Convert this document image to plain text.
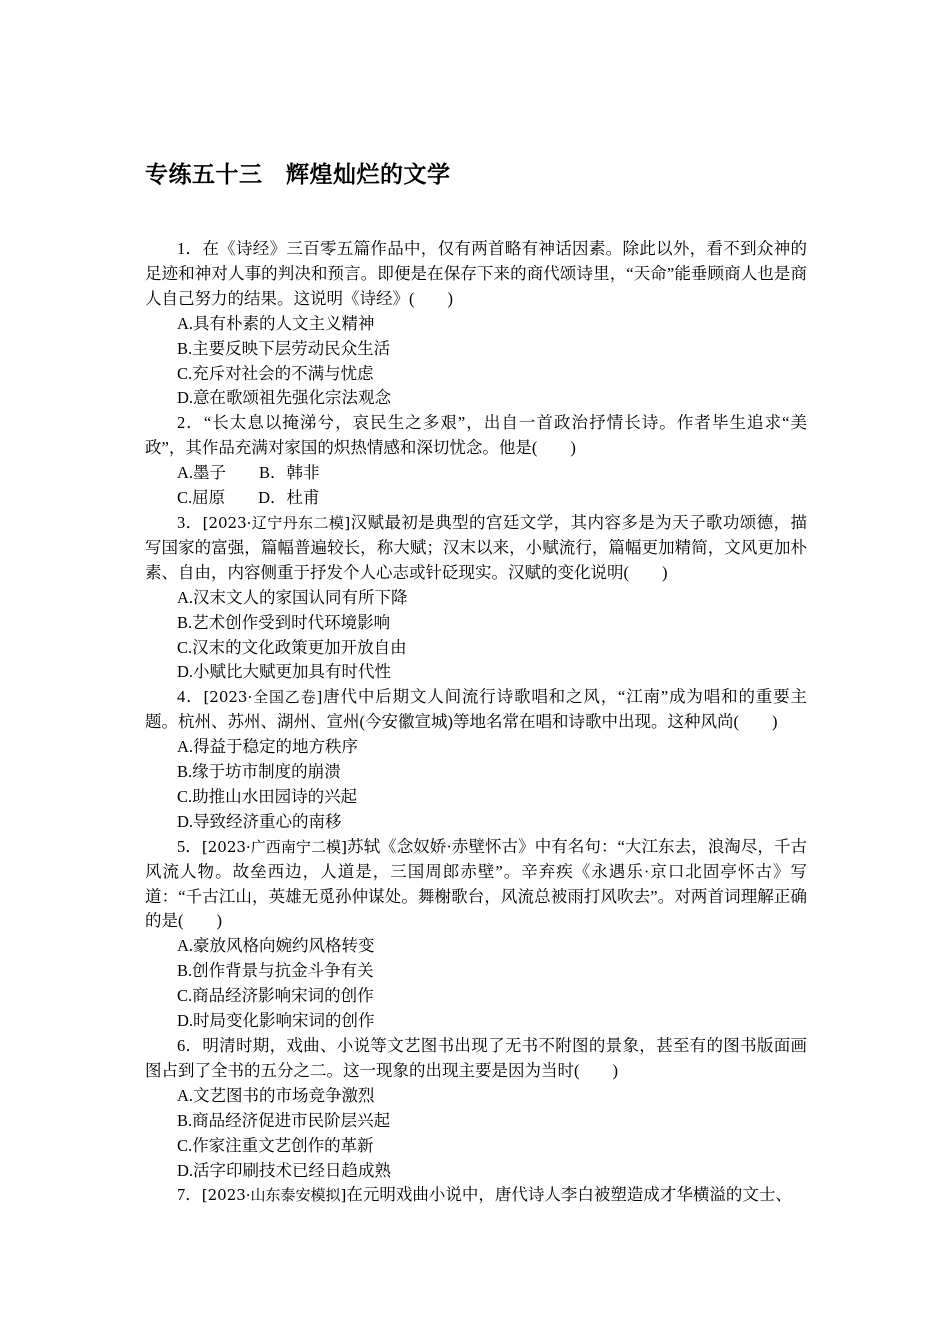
专练五十三　辉煌灿烂的文学

1．在《诗经》三百零五篇作品中，仅有两首略有神话因素。除此以外，看不到众神的足迹和神对人事的判决和预言。即便是在保存下来的商代颂诗里，“天命”能垂顾商人也是商人自己努力的结果。这说明《诗经》(　　)

A.具有朴素的人文主义精神

B.主要反映下层劳动民众生活

C.充斥对社会的不满与忧虑

D.意在歌颂祖先强化宗法观念

2．“长太息以掩涕兮，哀民生之多艰”，出自一首政治抒情长诗。作者毕生追求“美政”，其作品充满对家国的炽热情感和深切忧念。他是(　　)

A.墨子　　B．韩非

C.屈原　　D．杜甫

3．[2023·辽宁丹东二模]汉赋最初是典型的宫廷文学，其内容多是为天子歌功颂德，描写国家的富强，篇幅普遍较长，称大赋；汉末以来，小赋流行，篇幅更加精简，文风更加朴素、自由，内容侧重于抒发个人心志或针砭现实。汉赋的变化说明(　　)

A.汉末文人的家国认同有所下降

B.艺术创作受到时代环境影响

C.汉末的文化政策更加开放自由

D.小赋比大赋更加具有时代性

4．[2023·全国乙卷]唐代中后期文人间流行诗歌唱和之风，“江南”成为唱和的重要主题。杭州、苏州、湖州、宣州(今安徽宣城)等地名常在唱和诗歌中出现。这种风尚(　　)

A.得益于稳定的地方秩序

B.缘于坊市制度的崩溃

C.助推山水田园诗的兴起

D.导致经济重心的南移

5．[2023·广西南宁二模]苏轼《念奴娇·赤壁怀古》中有名句：“大江东去，浪淘尽，千古风流人物。故垒西边，人道是，三国周郎赤壁”。辛弃疾《永遇乐·京口北固亭怀古》写道：“千古江山，英雄无觅孙仲谋处。舞榭歌台，风流总被雨打风吹去”。对两首词理解正确的是(　　)

A.豪放风格向婉约风格转变

B.创作背景与抗金斗争有关

C.商品经济影响宋词的创作

D.时局变化影响宋词的创作

6．明清时期，戏曲、小说等文艺图书出现了无书不附图的景象，甚至有的图书版面画图占到了全书的五分之二。这一现象的出现主要是因为当时(　　)

A.文艺图书的市场竞争激烈

B.商品经济促进市民阶层兴起

C.作家注重文艺创作的革新

D.活字印刷技术已经日趋成熟

7．[2023·山东泰安模拟]在元明戏曲小说中，唐代诗人李白被塑造成才华横溢的文士、
